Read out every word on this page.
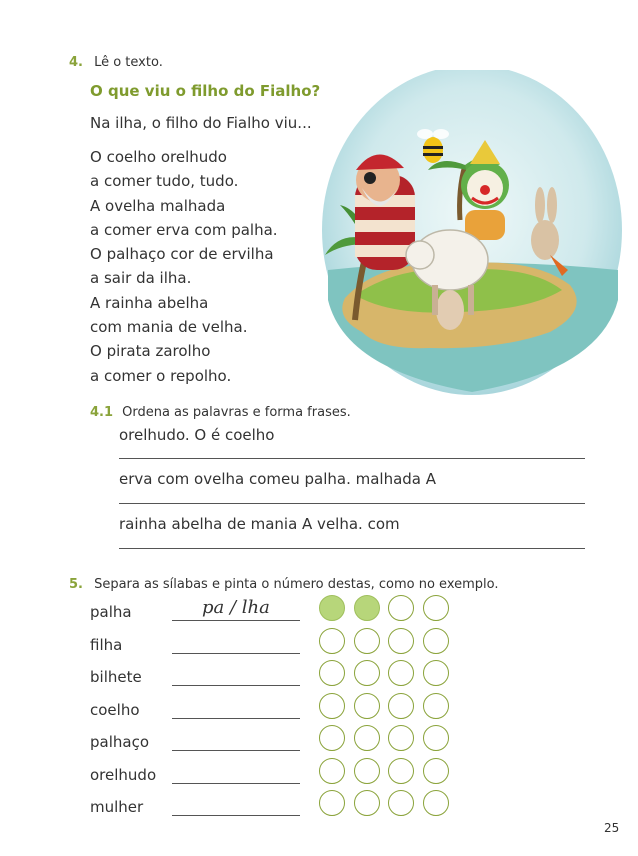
4. Lê o texto.
O que viu o filho do Fialho?
Na ilha, o filho do Fialho viu...
O coelho orelhudo
a comer tudo, tudo.
A ovelha malhada
a comer erva com palha.
O palhaço cor de ervilha
a sair da ilha.
A rainha abelha
com mania de velha.
O pirata zarolho
a comer o repolho.
4.1 Ordena as palavras e forma frases.
orelhudo. O é coelho
erva com ovelha comeu palha. malhada A
rainha abelha de mania A velha. com
5. Separa as sílabas e pinta o número destas, como no exemplo.
palha	pa / lha
filha
bilhete
coelho
palhaço
orelhudo
mulher
25
